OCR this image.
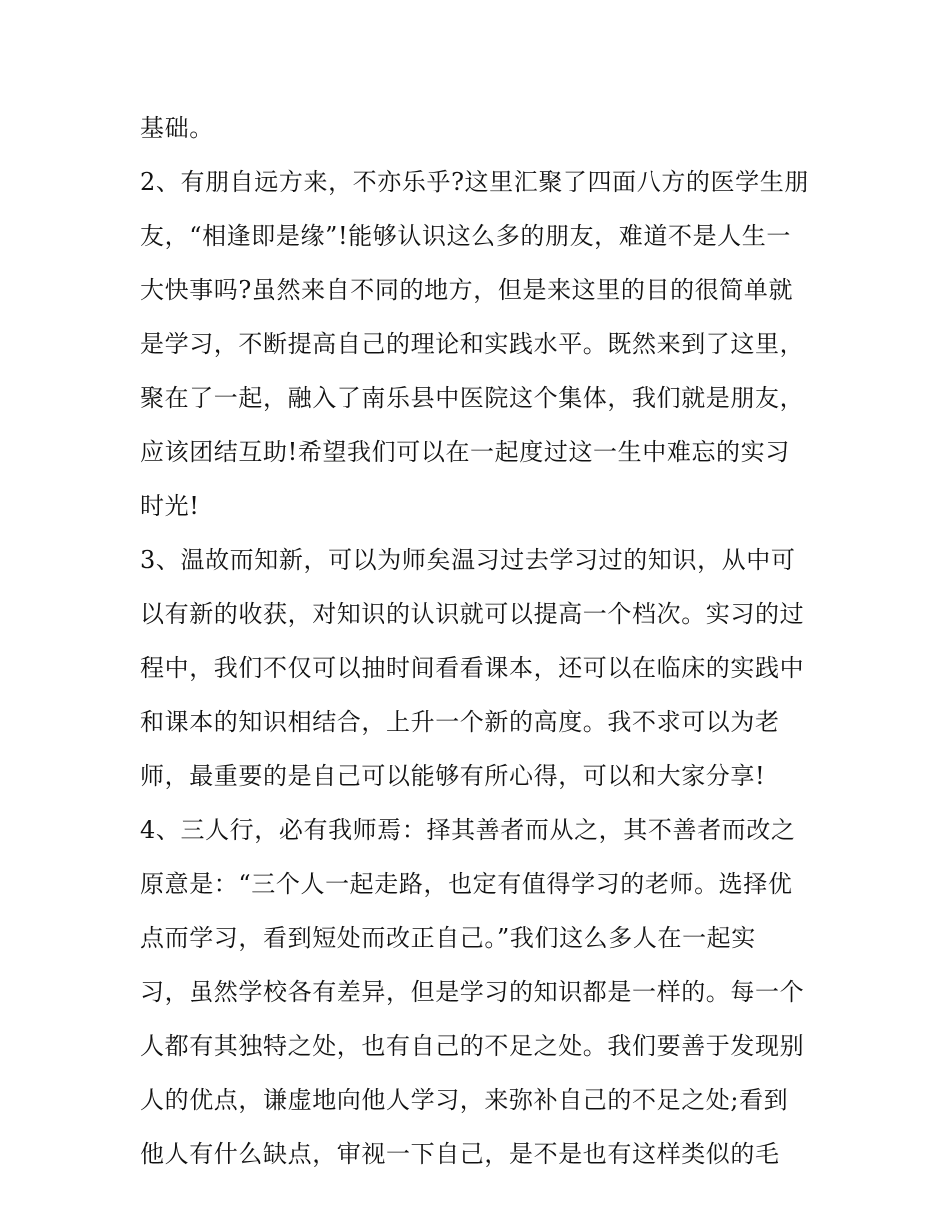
基础。
2、有朋自远方来，不亦乐乎?这里汇聚了四面八方的医学生朋
友，“相逢即是缘”!能够认识这么多的朋友，难道不是人生一
大快事吗?虽然来自不同的地方，但是来这里的目的很简单就
是学习，不断提高自己的理论和实践水平。既然来到了这里，
聚在了一起，融入了南乐县中医院这个集体，我们就是朋友，
应该团结互助!希望我们可以在一起度过这一生中难忘的实习
时光!
3、温故而知新，可以为师矣温习过去学习过的知识，从中可
以有新的收获，对知识的认识就可以提高一个档次。实习的过
程中，我们不仅可以抽时间看看课本，还可以在临床的实践中
和课本的知识相结合，上升一个新的高度。我不求可以为老
师，最重要的是自己可以能够有所心得，可以和大家分享!
4、三人行，必有我师焉：择其善者而从之，其不善者而改之
原意是：“三个人一起走路，也定有值得学习的老师。选择优
点而学习，看到短处而改正自己。”我们这么多人在一起实
习，虽然学校各有差异，但是学习的知识都是一样的。每一个
人都有其独特之处，也有自己的不足之处。我们要善于发现别
人的优点，谦虚地向他人学习，来弥补自己的不足之处;看到
他人有什么缺点，审视一下自己，是不是也有这样类似的毛
